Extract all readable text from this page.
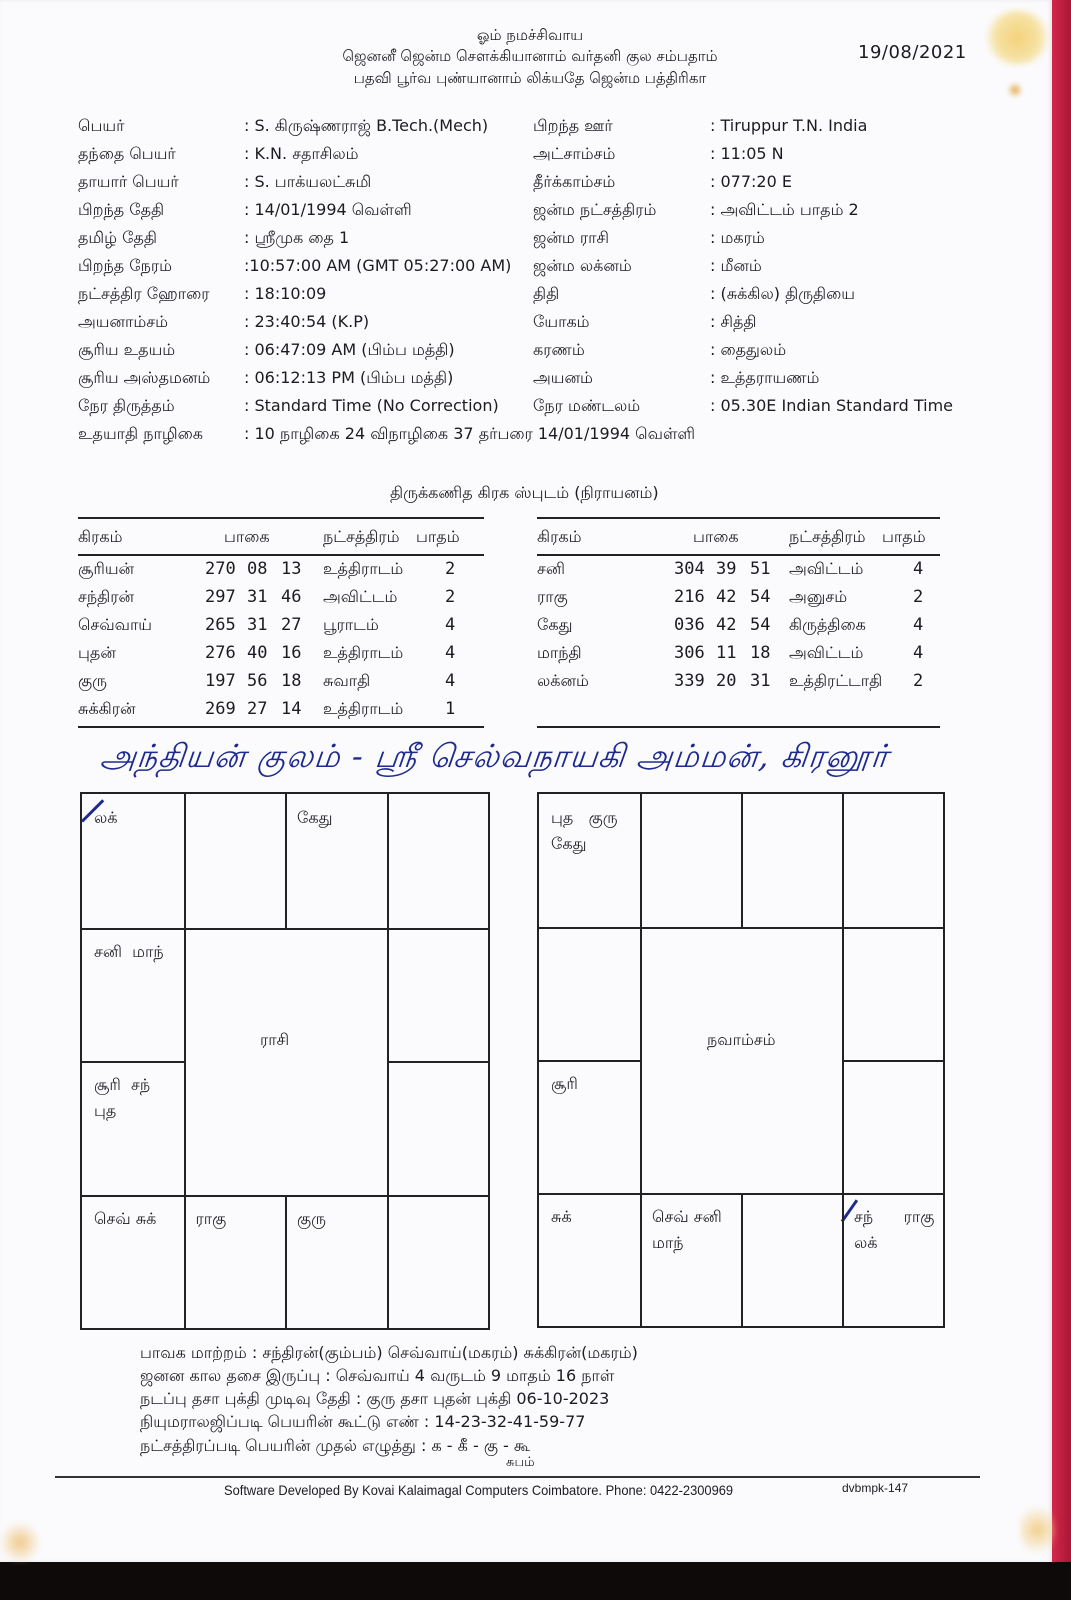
ஓம் நமச்சிவாய
ஜெனனீ ஜென்ம சௌக்கியானாம் வர்தனி குல சம்பதாம்
பதவி பூர்வ புண்யானாம் லிக்யதே ஜென்ம பத்திரிகா
19/08/2021
பெயர்	: S. கிருஷ்ணராஜ் B.Tech.(Mech)
தந்தை பெயர்	: K.N. சதாசிலம்
தாயார் பெயர்	: S. பாக்யலட்சுமி
பிறந்த தேதி	: 14/01/1994 வெள்ளி
தமிழ் தேதி	: ஸ்ரீமுக தை 1
பிறந்த நேரம்	:10:57:00 AM (GMT 05:27:00 AM)
நட்சத்திர ஹோரை : 18:10:09
அயனாம்சம்	: 23:40:54 (K.P)
சூரிய உதயம்	: 06:47:09 AM (பிம்ப மத்தி)
சூரிய அஸ்தமனம் : 06:12:13 PM (பிம்ப மத்தி)
நேர திருத்தம்	: Standard Time (No Correction)
உதயாதி நாழிகை	: 10 நாழிகை 24 விநாழிகை 37 தர்பரை 14/01/1994 வெள்ளி
பிறந்த ஊர்	: Tiruppur T.N. India
அட்சாம்சம்	: 11:05 N
தீர்க்காம்சம்	: 077:20 E
ஜன்ம நட்சத்திரம்	: அவிட்டம் பாதம் 2
ஜன்ம ராசி	: மகரம்
ஜன்ம லக்னம்	: மீனம்
திதி	: (சுக்கில) திருதியை
யோகம்	: சித்தி
கரணம்	: தைதுலம்
அயனம்	: உத்தராயணம்
நேர மண்டலம்	: 05.30E Indian Standard Time
திருக்கணித கிரக ஸ்புடம் (நிராயனம்)
கிரகம்	பாகை	நட்சத்திரம் பாதம்
சூரியன்	270 08 13 உத்திராடம் 2
சந்திரன்	297 31 46 அவிட்டம்	2
செவ்வாய்	265 31 27 பூராடம்	4
புதன்	276 40 16 உத்திராடம் 4
குரு	197 56 18 சுவாதி	4
சுக்கிரன்	269 27 14 உத்திராடம் 1
கிரகம்	பாகை	நட்சத்திரம் பாதம்
சனி	304 39 51 அவிட்டம்	4
ராகு	216 42 54 அனுசம்	2
கேது	036 42 54 கிருத்திகை	4
மாந்தி	306 11 18 அவிட்டம்	4
லக்னம்	339 20 31 உத்திரட்டாதி 2
அந்தியன் குலம் - ஸ்ரீ செல்வநாயகி அம்மன், கிரனூர்
ராசி
லக்	கேது
சனி  மாந்
சூரி  சந்
புத
செவ் சுக் ராகு	குரு
நவாம்சம்
புத   குரு
கேது
சூரி
சுக்	செவ் சனி
மாந்
சந்      ராகு
லக்
பாவக மாற்றம் : சந்திரன்(கும்பம்) செவ்வாய்(மகரம்) சுக்கிரன்(மகரம்)
ஜனன கால தசை இருப்பு : செவ்வாய் 4 வருடம் 9 மாதம் 16 நாள்
நடப்பு தசா புக்தி முடிவு தேதி : குரு தசா புதன் புக்தி 06-10-2023
நியுமராலஜிப்படி பெயரின் கூட்டு எண் : 14-23-32-41-59-77
நட்சத்திரப்படி பெயரின் முதல் எழுத்து : க - கீ - கு - கூ
சுபம்
Software Developed By Kovai Kalaimagal Computers Coimbatore. Phone: 0422-2300969	dvbmpk-147
